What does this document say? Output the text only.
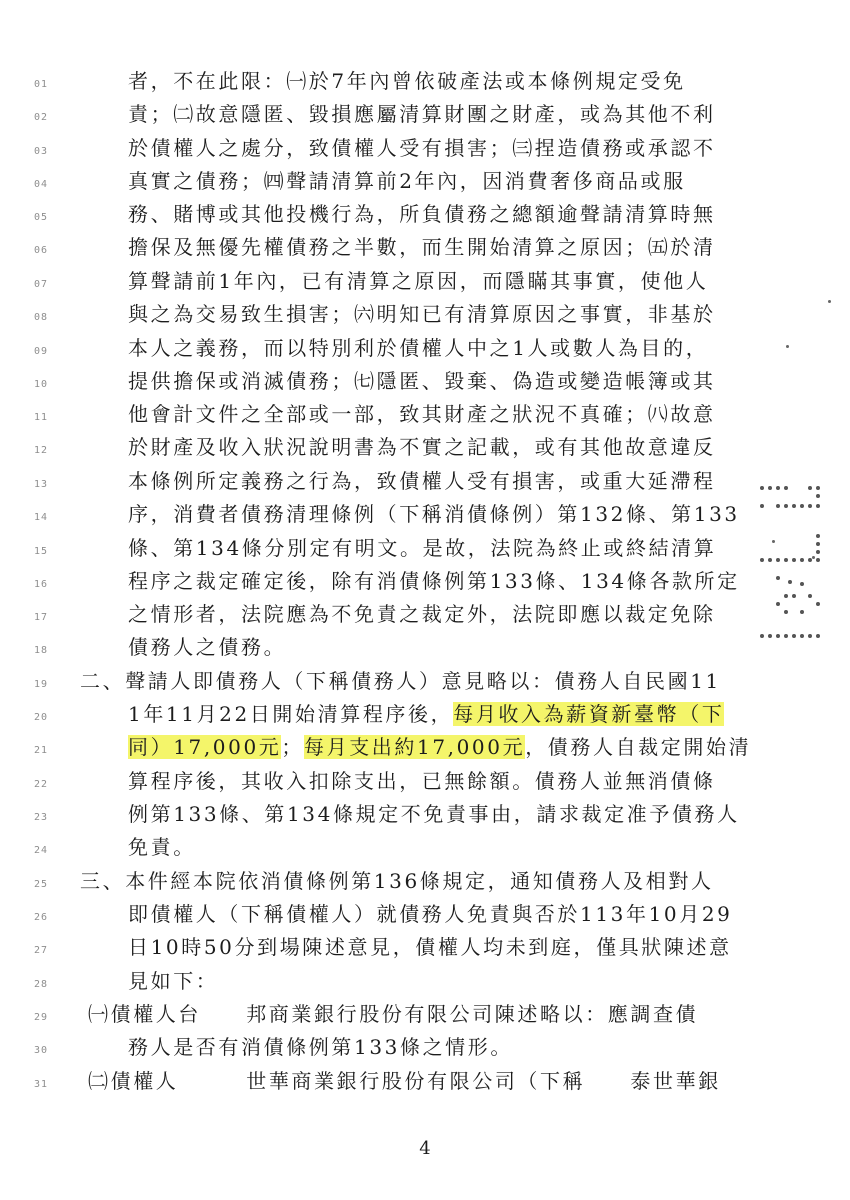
01
02
03
04
05
06
07
08
09
10
11
12
13
14
15
16
17
18
19
20
21
22
23
24
25
26
27
28
29
30
31
者，不在此限：㈠於7年內曾依破產法或本條例規定受免
責；㈡故意隱匿、毀損應屬清算財團之財產，或為其他不利
於債權人之處分，致債權人受有損害；㈢捏造債務或承認不
真實之債務；㈣聲請清算前2年內，因消費奢侈商品或服
務、賭博或其他投機行為，所負債務之總額逾聲請清算時無
擔保及無優先權債務之半數，而生開始清算之原因；㈤於清
算聲請前1年內，已有清算之原因，而隱瞞其事實，使他人
與之為交易致生損害；㈥明知已有清算原因之事實，非基於
本人之義務，而以特別利於債權人中之1人或數人為目的，
提供擔保或消滅債務；㈦隱匿、毀棄、偽造或變造帳簿或其
他會計文件之全部或一部，致其財產之狀況不真確；㈧故意
於財產及收入狀況說明書為不實之記載，或有其他故意違反
本條例所定義務之行為，致債權人受有損害，或重大延滯程
序，消費者債務清理條例（下稱消債條例）第132條、第133
條、第134條分別定有明文。是故，法院為終止或終結清算
程序之裁定確定後，除有消債條例第133條、134條各款所定
之情形者，法院應為不免責之裁定外，法院即應以裁定免除
債務人之債務。
二、聲請人即債務人（下稱債務人）意見略以：債務人自民國11
1年11月22日開始清算程序後，每月收入為薪資新臺幣（下
同）17,000元；每月支出約17,000元，債務人自裁定開始清
算程序後，其收入扣除支出，已無餘額。債務人並無消債條
例第133條、第134條規定不免責事由，請求裁定准予債務人
免責。
三、本件經本院依消債條例第136條規定，通知債務人及相對人
即債權人（下稱債權人）就債務人免責與否於113年10月29
日10時50分到場陳述意見，債權人均未到庭，僅具狀陳述意
見如下：
㈠債權人台　　 邦商業銀行股份有限公司陳述略以：應調查債
務人是否有消債條例第133條之情形。
㈡債權人　　　	世華商業銀行股份有限公司（下稱　　 泰世華銀
4
